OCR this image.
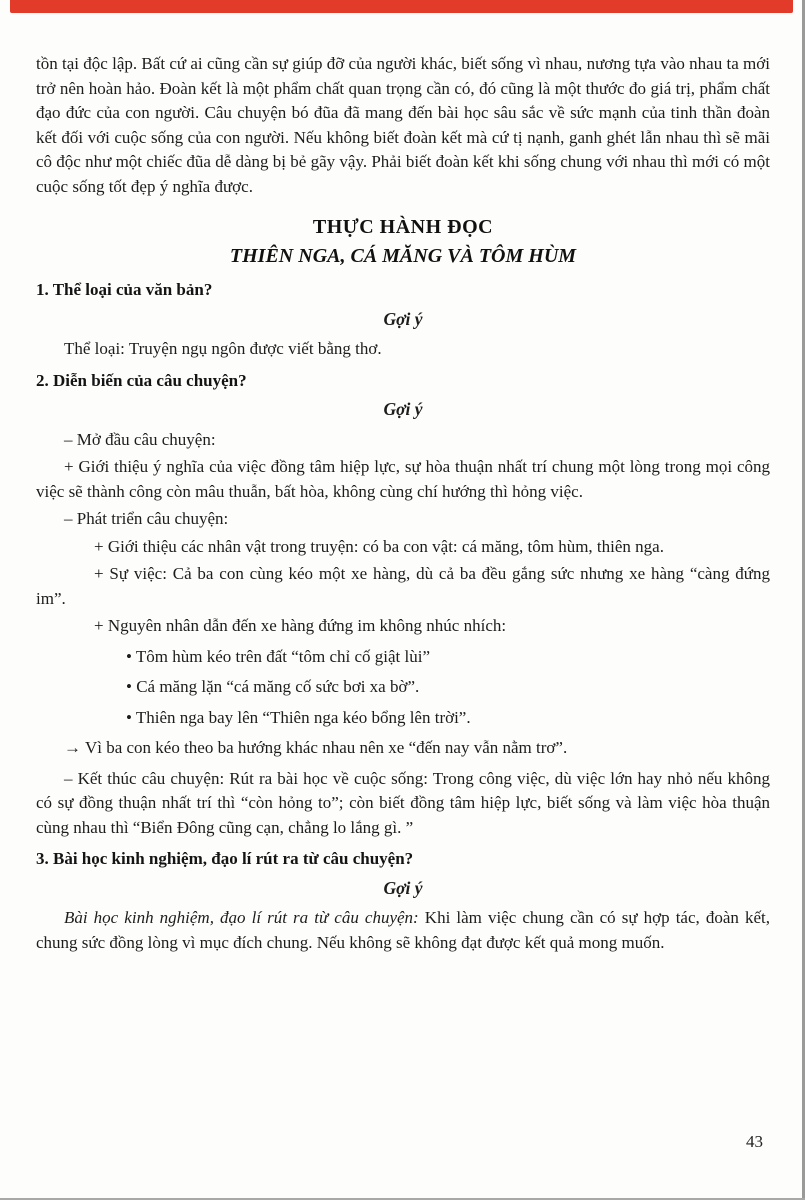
tồn tại độc lập. Bất cứ ai cũng cần sự giúp đỡ của người khác, biết sống vì nhau, nương tựa vào nhau ta mới trở nên hoàn hảo. Đoàn kết là một phẩm chất quan trọng cần có, đó cũng là một thước đo giá trị, phẩm chất đạo đức của con người. Câu chuyện bó đũa đã mang đến bài học sâu sắc về sức mạnh của tinh thần đoàn kết đối với cuộc sống của con người. Nếu không biết đoàn kết mà cứ tị nạnh, ganh ghét lẫn nhau thì sẽ mãi cô độc như một chiếc đũa dễ dàng bị bẻ gãy vậy. Phải biết đoàn kết khi sống chung với nhau thì mới có một cuộc sống tốt đẹp ý nghĩa được.

THỰC HÀNH ĐỌC
THIÊN NGA, CÁ MĂNG VÀ TÔM HÙM

1. Thể loại của văn bản?

Gợi ý

Thể loại: Truyện ngụ ngôn được viết bằng thơ.

2. Diễn biến của câu chuyện?

Gợi ý

– Mở đầu câu chuyện:

+ Giới thiệu ý nghĩa của việc đồng tâm hiệp lực, sự hòa thuận nhất trí chung một lòng trong mọi công việc sẽ thành công còn mâu thuẫn, bất hòa, không cùng chí hướng thì hỏng việc.

– Phát triển câu chuyện:

+ Giới thiệu các nhân vật trong truyện: có ba con vật: cá măng, tôm hùm, thiên nga.

+ Sự việc: Cả ba con cùng kéo một xe hàng, dù cả ba đều gắng sức nhưng xe hàng “càng đứng im”.

+ Nguyên nhân dẫn đến xe hàng đứng im không nhúc nhích:

• Tôm hùm kéo trên đất “tôm chỉ cố giật lùi”

• Cá măng lặn “cá măng cố sức bơi xa bờ”.

• Thiên nga bay lên “Thiên nga kéo bổng lên trời”.

→ Vì ba con kéo theo ba hướng khác nhau nên xe “đến nay vẫn nằm trơ”.

– Kết thúc câu chuyện: Rút ra bài học về cuộc sống: Trong công việc, dù việc lớn hay nhỏ nếu không có sự đồng thuận nhất trí thì “còn hỏng to”; còn biết đồng tâm hiệp lực, biết sống và làm việc hòa thuận cùng nhau thì “Biển Đông cũng cạn, chẳng lo lắng gì. ”

3. Bài học kinh nghiệm, đạo lí rút ra từ câu chuyện?

Gợi ý

Bài học kinh nghiệm, đạo lí rút ra từ câu chuyện: Khi làm việc chung cần có sự hợp tác, đoàn kết, chung sức đồng lòng vì mục đích chung. Nếu không sẽ không đạt được kết quả mong muốn.

43
